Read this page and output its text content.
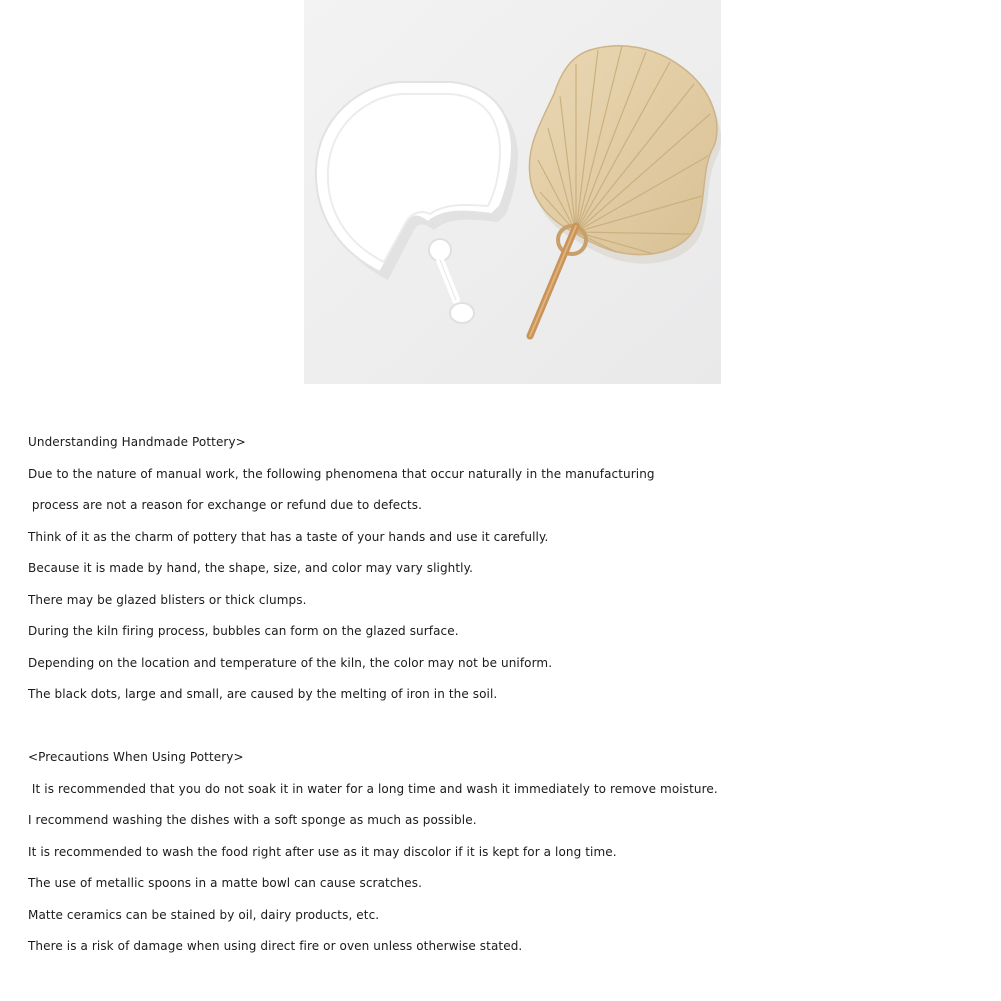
Understanding Handmade Pottery>
Due to the nature of manual work, the following phenomena that occur naturally in the manufacturing
process are not a reason for exchange or refund due to defects.
Think of it as the charm of pottery that has a taste of your hands and use it carefully.
Because it is made by hand, the shape, size, and color may vary slightly.
There may be glazed blisters or thick clumps.
During the kiln firing process, bubbles can form on the glazed surface.
Depending on the location and temperature of the kiln, the color may not be uniform.
The black dots, large and small, are caused by the melting of iron in the soil.
<Precautions When Using Pottery>
It is recommended that you do not soak it in water for a long time and wash it immediately to remove moisture.
I recommend washing the dishes with a soft sponge as much as possible.
It is recommended to wash the food right after use as it may discolor if it is kept for a long time.
The use of metallic spoons in a matte bowl can cause scratches.
Matte ceramics can be stained by oil, dairy products, etc.
There is a risk of damage when using direct fire or oven unless otherwise stated.
